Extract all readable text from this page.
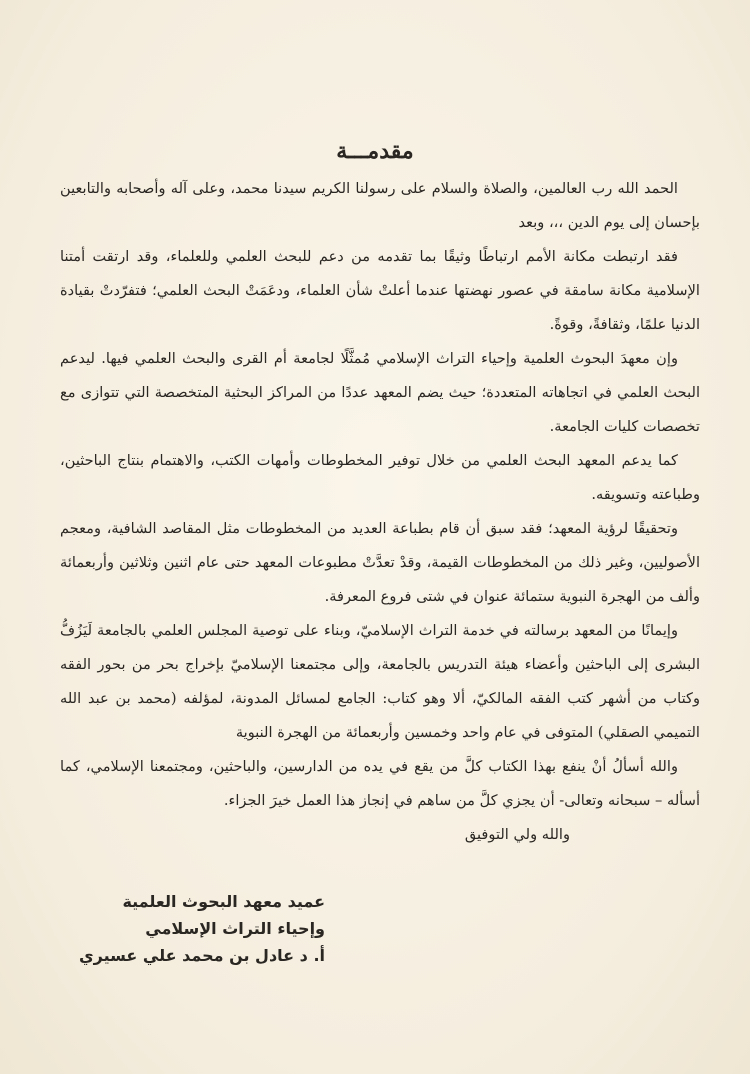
مقدمـــة

الحمد الله رب العالمين، والصلاة والسلام على رسولنا الكريم سيدنا محمد، وعلى آله وأصحابه والتابعين بإحسان إلى يوم الدين ،،، وبعد

فقد ارتبطت مكانة الأمم ارتباطًا وثيقًا بما تقدمه من دعم للبحث العلمي وللعلماء، وقد ارتقت أمتنا الإسلامية مكانة سامقة في عصور نهضتها عندما أعلتْ شأن العلماء، ودعَمَتْ البحث العلمي؛ فتفرّدتْ بقيادة الدنيا علمًا، وثقافةً، وقوةً.

وإن معهدَ البحوث العلمية وإحياء التراث الإسلامي مُمثَّلًا لجامعة أم القرى والبحث العلمي فيها. ليدعم البحث العلمي في اتجاهاته المتعددة؛ حيث يضم المعهد عددًا من المراكز البحثية المتخصصة التي تتوازى مع تخصصات كليات الجامعة.

كما يدعم المعهد البحث العلمي من خلال توفير المخطوطات وأمهات الكتب، والاهتمام بنتاج الباحثين، وطباعته وتسويقه.

وتحقيقًا لرؤية المعهد؛ فقد سبق أن قام بطباعة العديد من المخطوطات مثل المقاصد الشافية، ومعجم الأصوليين، وغير ذلك من المخطوطات القيمة، وقدْ تعدَّتْ مطبوعات المعهد حتى عام اثنين وثلاثين وأربعمائة وألف من الهجرة النبوية ستمائة عنوان في شتى فروع المعرفة.

وإيمانًا من المعهد برسالته في خدمة التراث الإسلاميّ، وبناء على توصية المجلس العلمي بالجامعة لَيَزُفُّ البشرى إلى الباحثين وأعضاء هيئة التدريس بالجامعة، وإلى مجتمعنا الإسلاميّ بإخراج بحر من بحور الفقه وكتاب من أشهر كتب الفقه المالكيّ، ألا وهو كتاب: الجامع لمسائل المدونة، لمؤلفه (محمد بن عبد الله التميمي الصقلي) المتوفى في عام واحد وخمسين وأربعمائة من الهجرة النبوية

والله أسألُ أنْ ينفع بهذا الكتاب كلَّ من يقع في يده من الدارسين، والباحثين، ومجتمعنا الإسلامي، كما أسأله – سبحانه وتعالى- أن يجزي كلَّ من ساهم في إنجاز هذا العمل خيرَ الجزاء.

والله ولي التوفيق

عميد معهد البحوث العلمية
وإحياء التراث الإسلامي
أ. د عادل بن محمد علي عسيري
